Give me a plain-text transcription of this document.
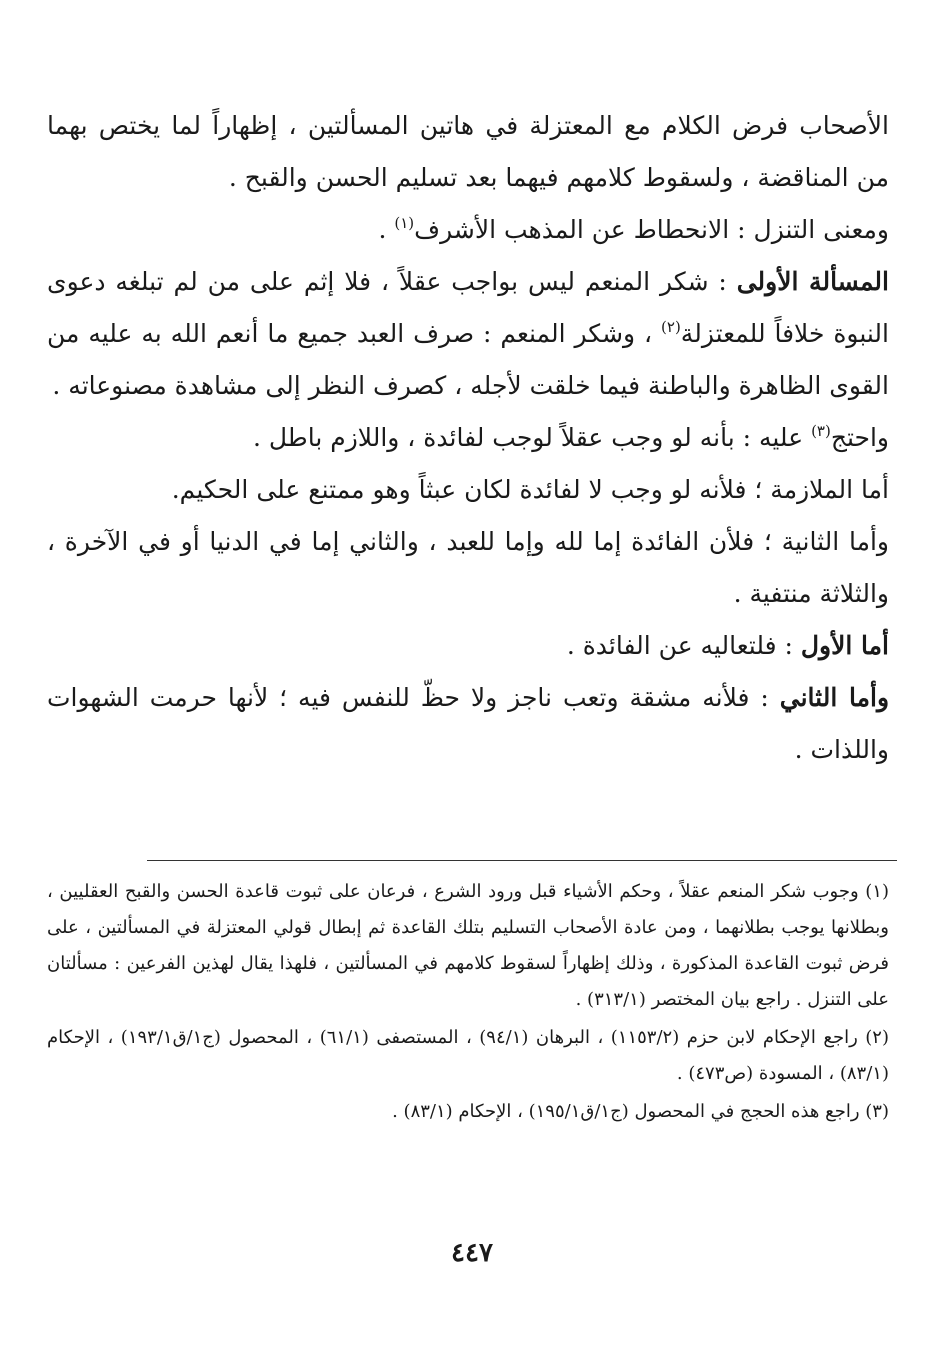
الأصحاب فرض الكلام مع المعتزلة في هاتين المسألتين ، إظهاراً لما يختص بهما من المناقضة ، ولسقوط كلامهم فيهما بعد تسليم الحسن والقبح .

ومعنى التنزل : الانحطاط عن المذهب الأشرف$^{(١)}$ .

المسألة الأولى : شكر المنعم ليس بواجب عقلاً ، فلا إثم على من لم تبلغه دعوى النبوة خلافاً للمعتزلة$^{(٢)}$ ، وشكر المنعم : صرف العبد جميع ما أنعم الله به عليه من القوى الظاهرة والباطنة فيما خلقت لأجله ، كصرف النظر إلى مشاهدة مصنوعاته .

واحتج$^{(٣)}$ عليه : بأنه لو وجب عقلاً لوجب لفائدة ، واللازم باطل .

أما الملازمة ؛ فلأنه لو وجب لا لفائدة لكان عبثاً وهو ممتنع على الحكيم.

وأما الثانية ؛ فلأن الفائدة إما لله وإما للعبد ، والثاني إما في الدنيا أو في الآخرة ، والثلاثة منتفية .

أما الأول : فلتعاليه عن الفائدة .

وأما الثاني : فلأنه مشقة وتعب ناجز ولا حظّ للنفس فيه ؛ لأنها حرمت الشهوات واللذات .

(١) وجوب شكر المنعم عقلاً ، وحكم الأشياء قبل ورود الشرع ، فرعان على ثبوت قاعدة الحسن والقبح العقليين ، وبطلانها يوجب بطلانهما ، ومن عادة الأصحاب التسليم بتلك القاعدة ثم إبطال قولي المعتزلة في المسألتين ، على فرض ثبوت القاعدة المذكورة ، وذلك إظهاراً لسقوط كلامهم في المسألتين ، فلهذا يقال لهذين الفرعين : مسألتان على التنزل . راجع بيان المختصر (٣١٣/١) .

(٢) راجع الإحكام لابن حزم (١١٥٣/٢) ، البرهان (٩٤/١) ، المستصفى (٦١/١) ، المحصول (ج١/ق١٩٣/١) ، الإحكام (٨٣/١) ، المسودة (ص٤٧٣) .

(٣) راجع هذه الحجج في المحصول (ج١/ق١٩٥/١) ، الإحكام (٨٣/١) .

٤٤٧
